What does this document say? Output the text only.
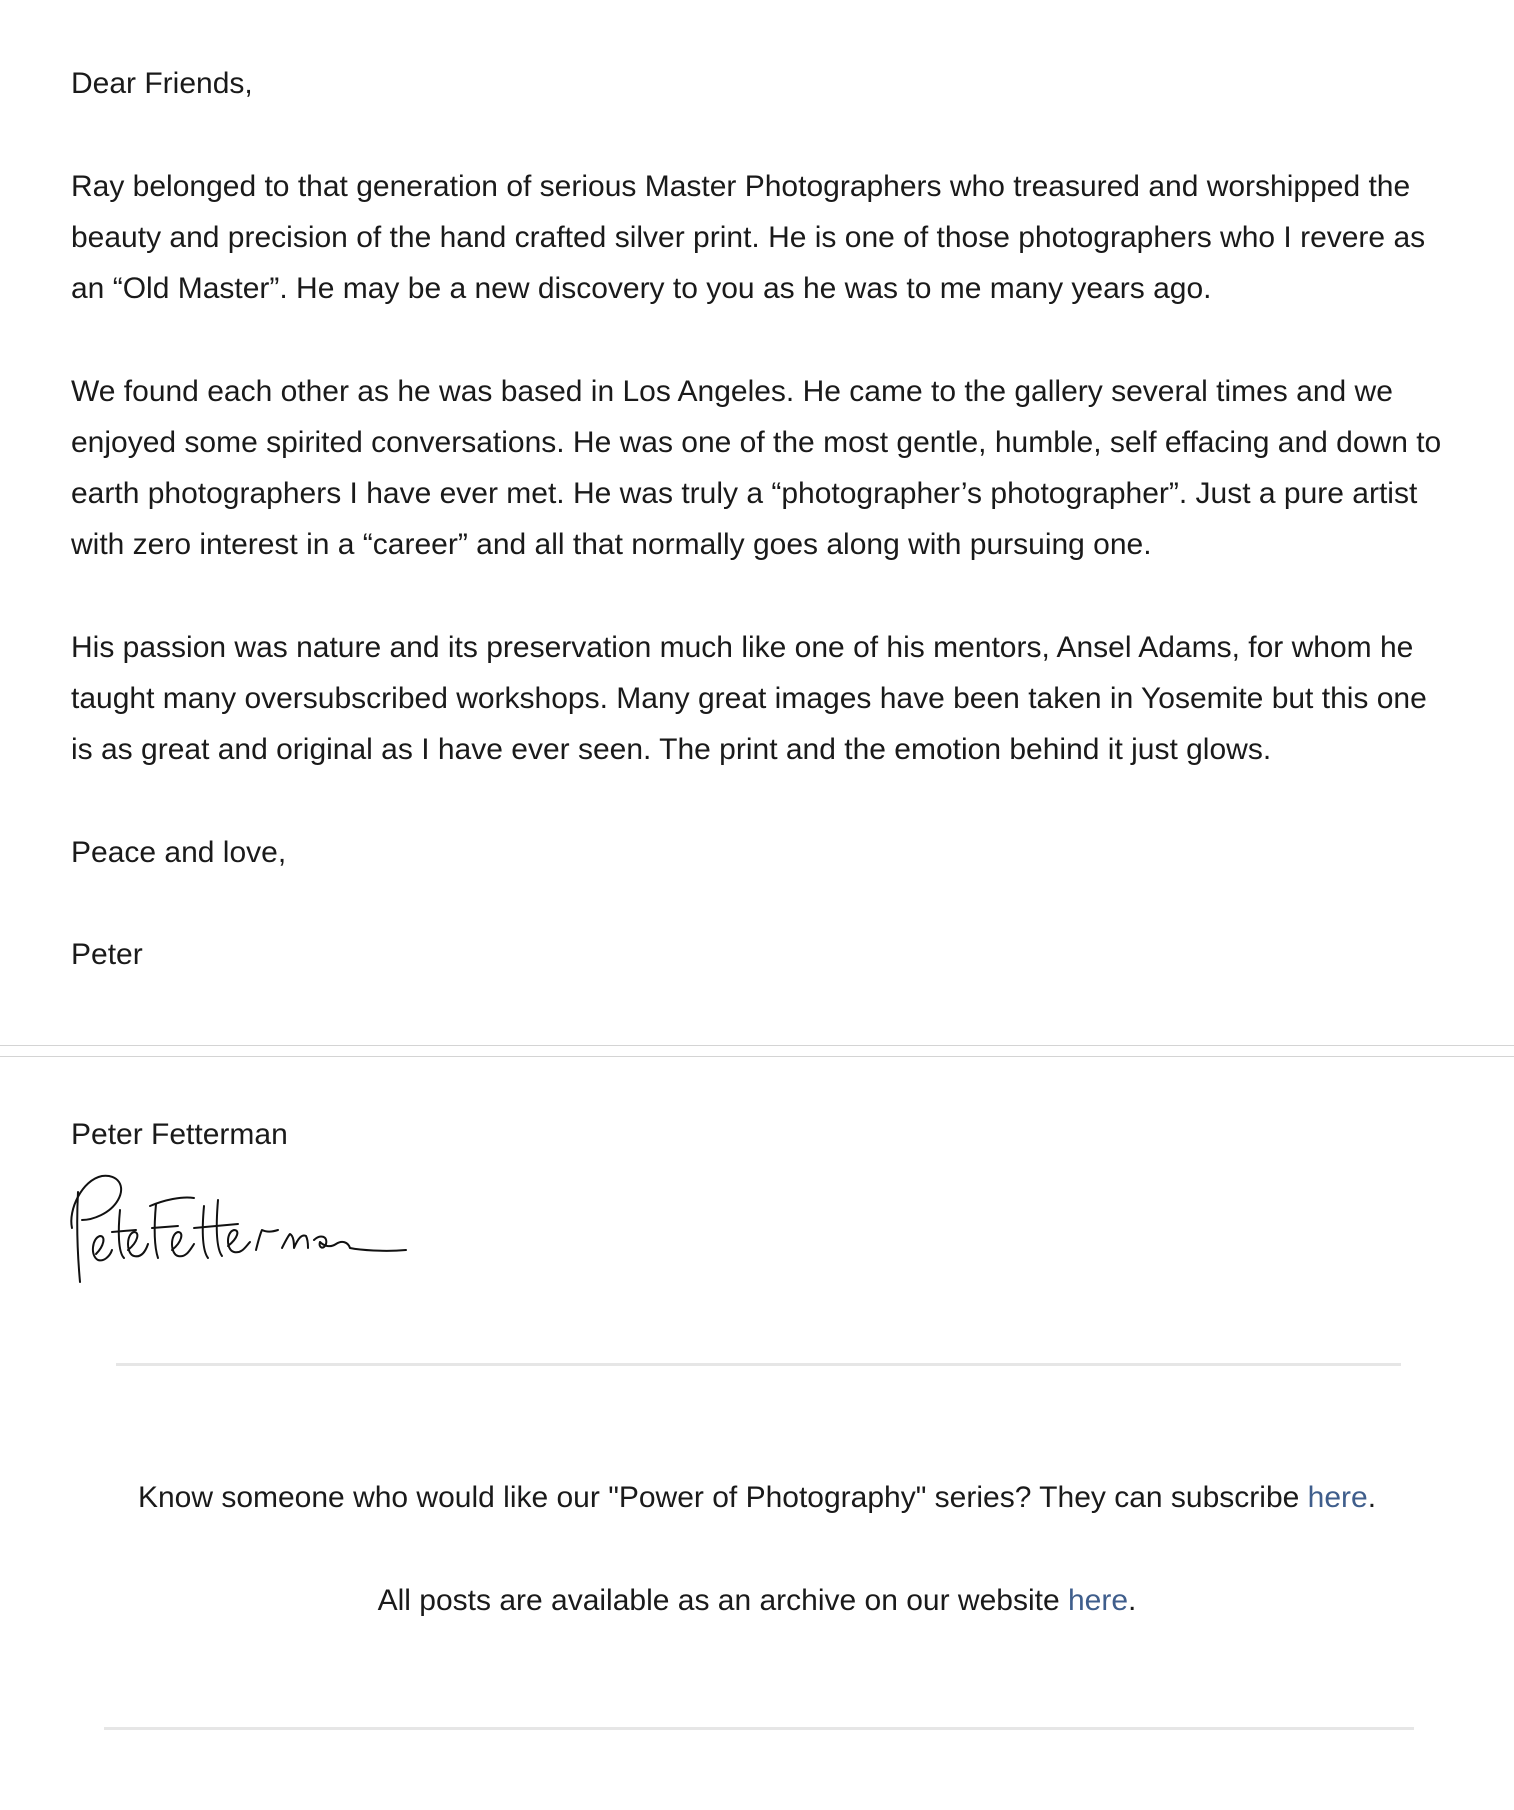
Dear Friends,

Ray belonged to that generation of serious Master Photographers who treasured and worshipped the beauty and precision of the hand crafted silver print. He is one of those photographers who I revere as an “Old Master”. He may be a new discovery to you as he was to me many years ago.

We found each other as he was based in Los Angeles. He came to the gallery several times and we enjoyed some spirited conversations. He was one of the most gentle, humble, self effacing and down to earth photographers I have ever met. He was truly a “photographer’s photographer”. Just a pure artist with zero interest in a “career” and all that normally goes along with pursuing one.

His passion was nature and its preservation much like one of his mentors, Ansel Adams, for whom he taught many oversubscribed workshops. Many great images have been taken in Yosemite but this one is as great and original as I have ever seen. The print and the emotion behind it just glows.

Peace and love,

Peter

Peter Fetterman
Know someone who would like our "Power of Photography" series? They can subscribe here.
All posts are available as an archive on our website here.
